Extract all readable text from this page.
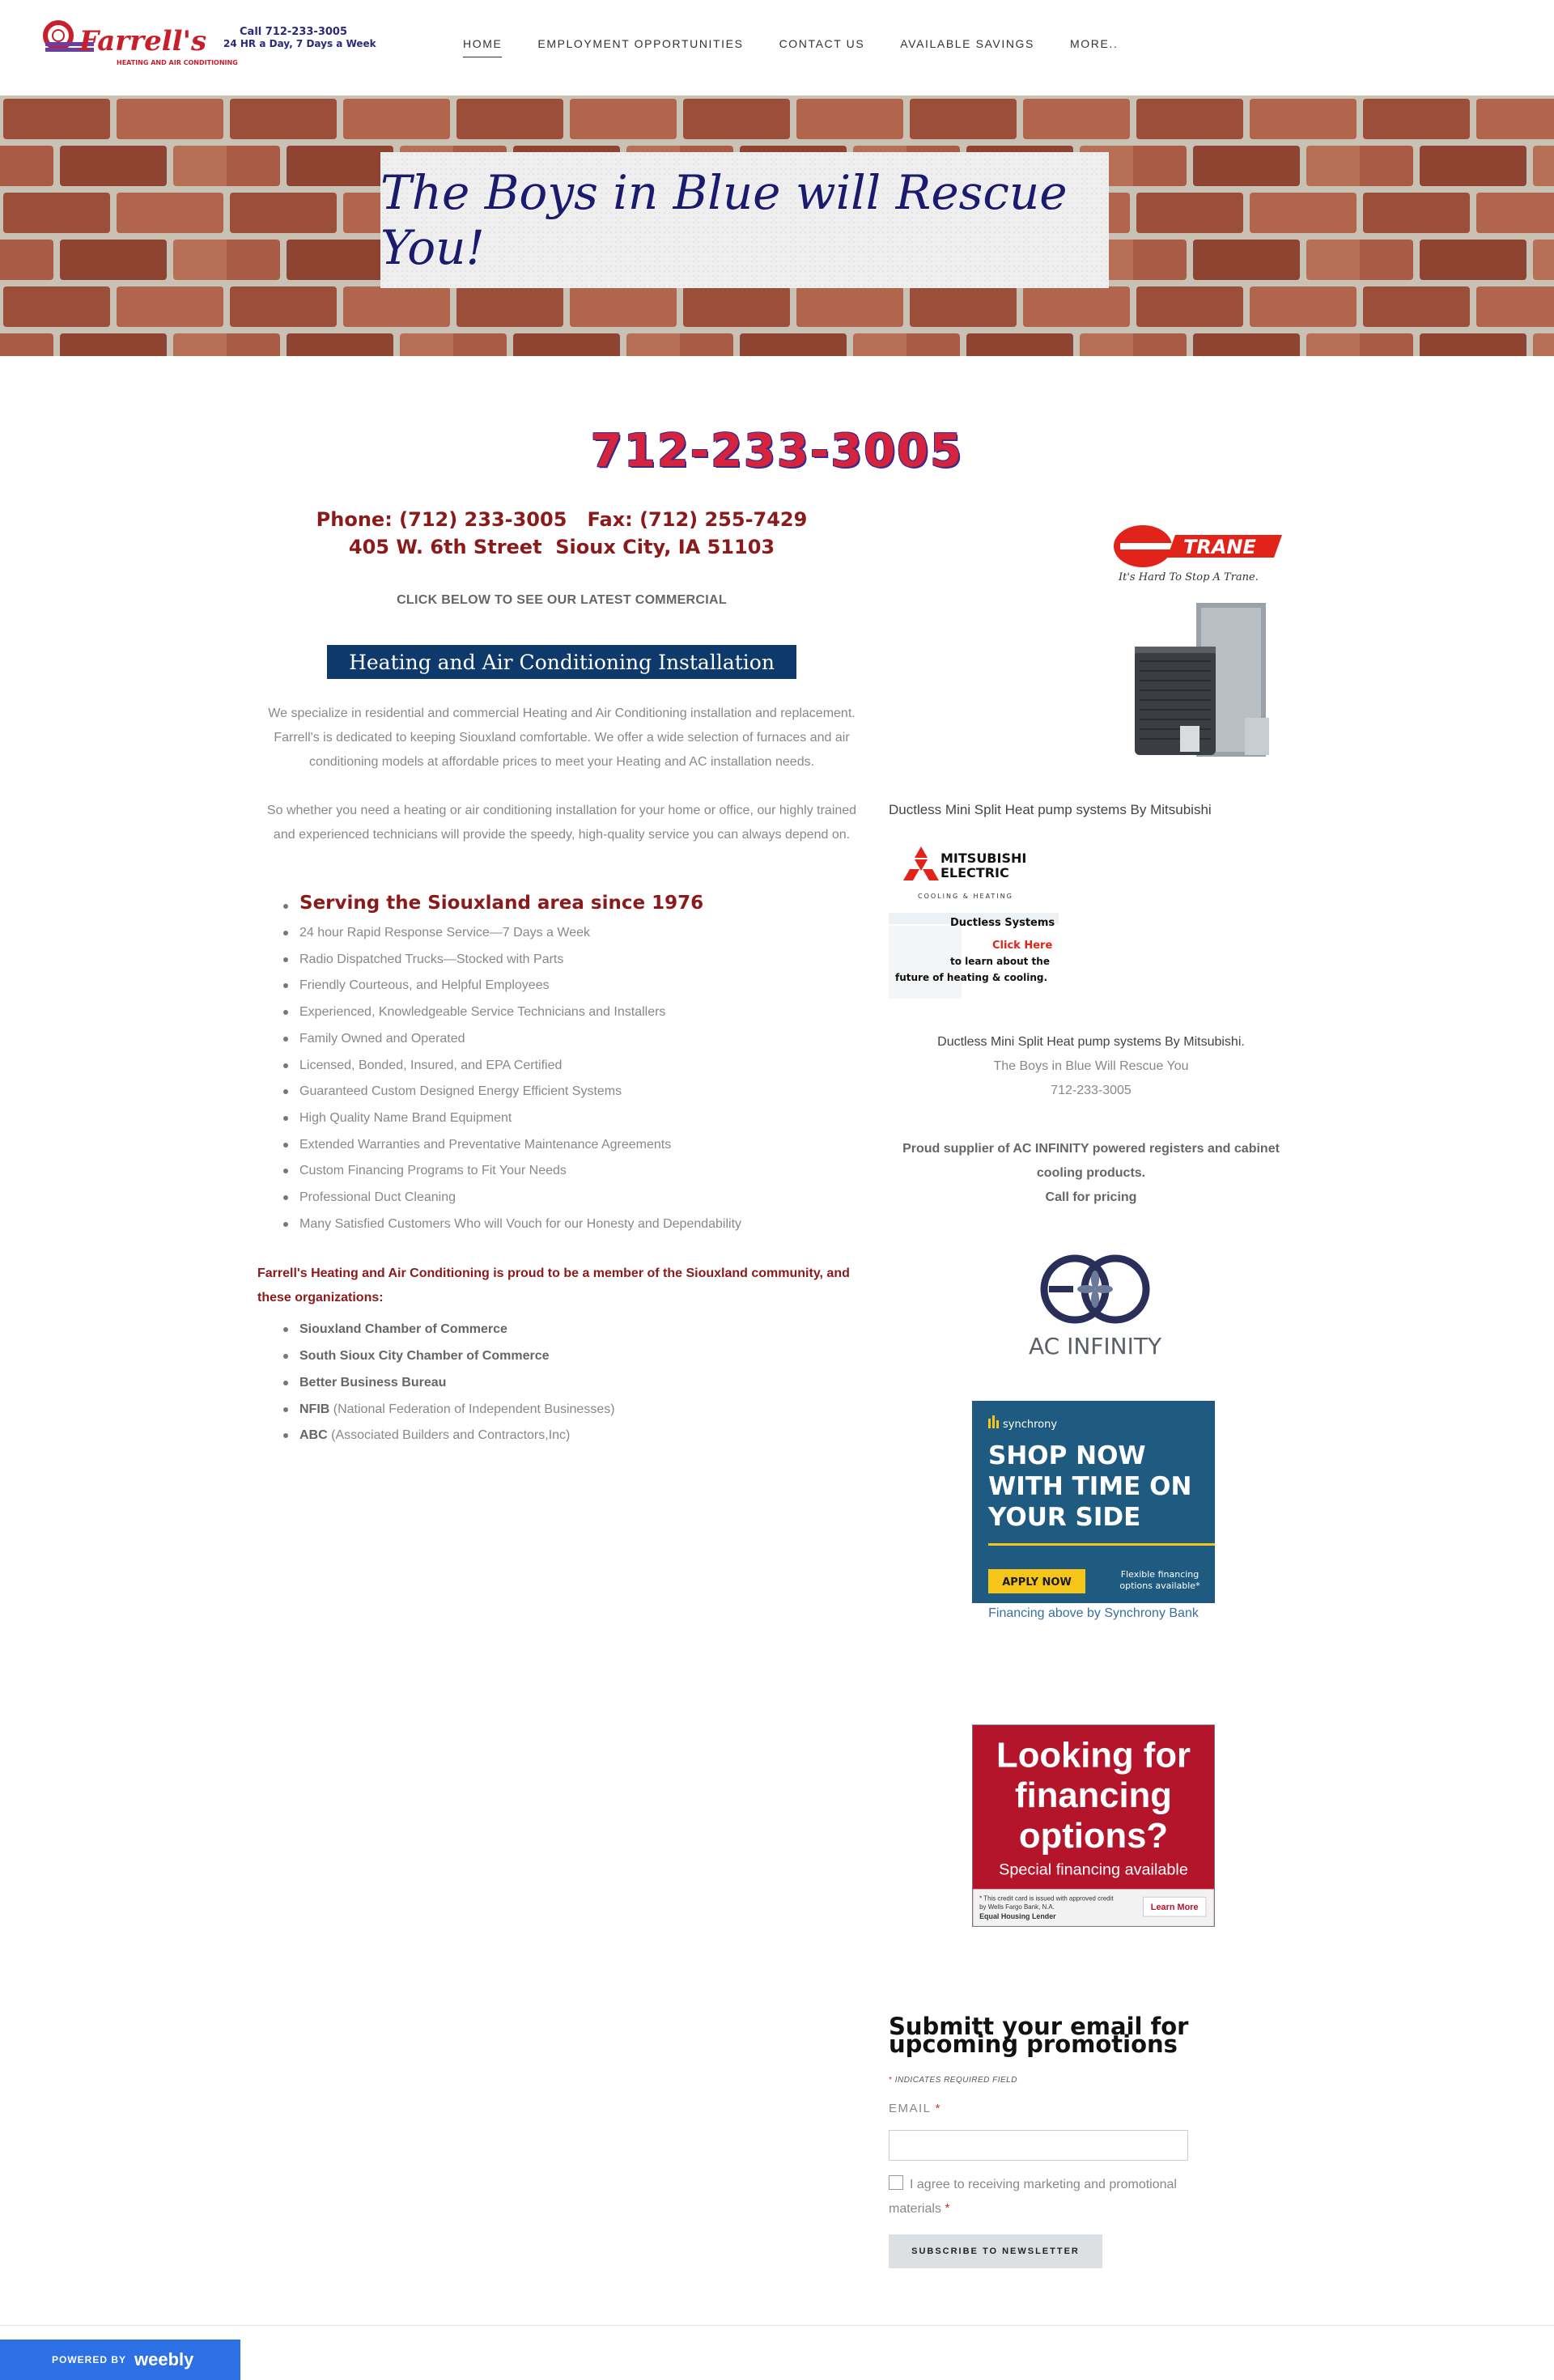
Farrell's
HEATING AND AIR CONDITIONING
Call 712-233-3005
24 HR a Day, 7 Days a Week	HOME	EMPLOYMENT OPPORTUNITIES	CONTACT US	AVAILABLE SAVINGS	MORE..
The Boys in Blue will Rescue You!
712-233-3005
Phone: (712) 233-3005   Fax: (712) 255-7429
405 W. 6th Street  Sioux City, IA 51103
CLICK BELOW TO SEE OUR LATEST COMMERCIAL
Heating and Air Conditioning Installation

We specialize in residential and commercial Heating and Air Conditioning installation and replacement. Farrell's is dedicated to keeping Siouxland comfortable. We offer a wide selection of furnaces and air conditioning models at affordable prices to meet your Heating and AC installation needs.

So whether you need a heating or air conditioning installation for your home or office, our highly trained and experienced technicians will provide the speedy, high-quality service you can always depend on.

Serving the Siouxland area since 1976
24 hour Rapid Response Service—7 Days a Week
Radio Dispatched Trucks—Stocked with Parts
Friendly Courteous, and Helpful Employees
Experienced, Knowledgeable Service Technicians and Installers
Family Owned and Operated
Licensed, Bonded, Insured, and EPA Certified
Guaranteed Custom Designed Energy Efficient Systems
High Quality Name Brand Equipment
Extended Warranties and Preventative Maintenance Agreements
Custom Financing Programs to Fit Your Needs
Professional Duct Cleaning
Many Satisfied Customers Who will Vouch for our Honesty and Dependability
Farrell's Heating and Air Conditioning is proud to be a member of the Siouxland community, and these organizations:
Siouxland Chamber of Commerce
South Sioux City Chamber of Commerce
Better Business Bureau
NFIB (National Federation of Independent Businesses)
ABC (Associated Builders and Contractors,Inc)
TRANE
It's Hard To Stop A Trane.
Ductless Mini Split Heat pump systems By Mitsubishi
MITSUBISHI
ELECTRIC
COOLING & HEATING
Ductless Systems
Click Here
to learn about the
future of heating & cooling.
Ductless Mini Split Heat pump systems By Mitsubishi.
The Boys in Blue Will Rescue You
712-233-3005
Proud supplier of AC INFINITY powered registers and cabinet cooling products.
Call for pricing
AC INFINITY
synchrony
SHOP NOW
WITH TIME ON
YOUR SIDE
APPLY NOW
Flexible financing
options available*
Financing above by Synchrony Bank
Looking for
financing
options?
Special financing available
* This credit card is issued with approved credit
by Wells Fargo Bank, N.A.
Equal Housing Lender
Learn More
Submitt your email for upcoming promotions
* INDICATES REQUIRED FIELD
EMAIL *
I agree to receiving marketing and promotional materials *
SUBSCRIBE TO NEWSLETTER
POWERED BY weebly
